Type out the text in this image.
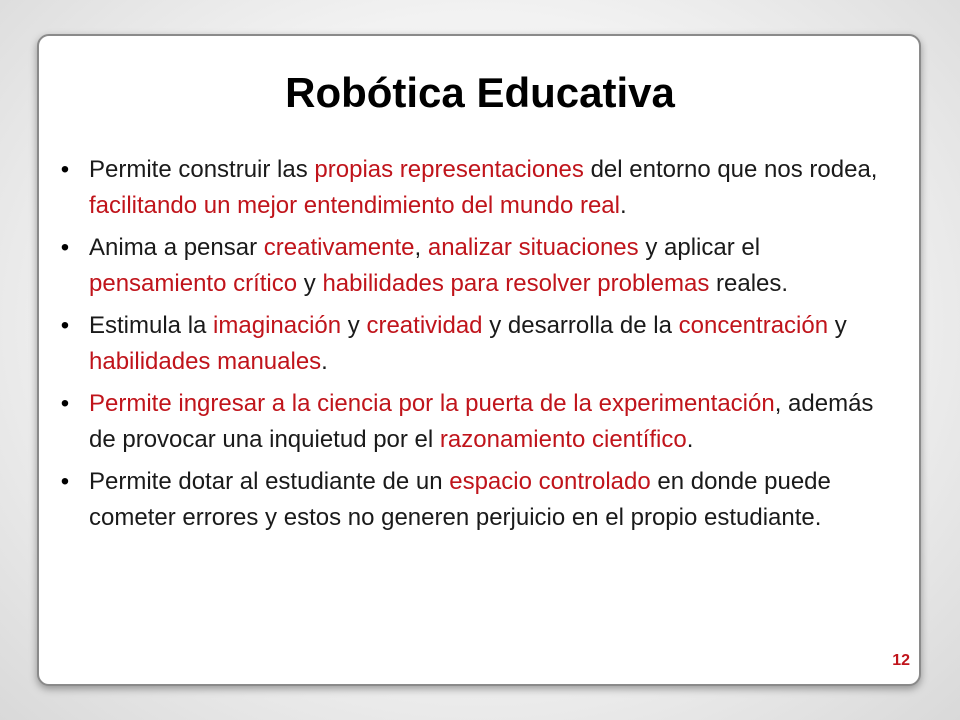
Robótica Educativa
• Permite construir las propias representaciones del entorno que nos rodea, facilitando un mejor entendimiento del mundo real.
• Anima a pensar creativamente, analizar situaciones y aplicar el pensamiento crítico y habilidades para resolver problemas reales.
• Estimula la imaginación y creatividad y desarrolla de la concentración y habilidades manuales.
• Permite ingresar a la ciencia por la puerta de la experimentación, además de provocar una inquietud por el razonamiento científico.
• Permite dotar al estudiante de un espacio controlado en donde puede cometer errores y estos no generen perjuicio en el propio estudiante.
12
